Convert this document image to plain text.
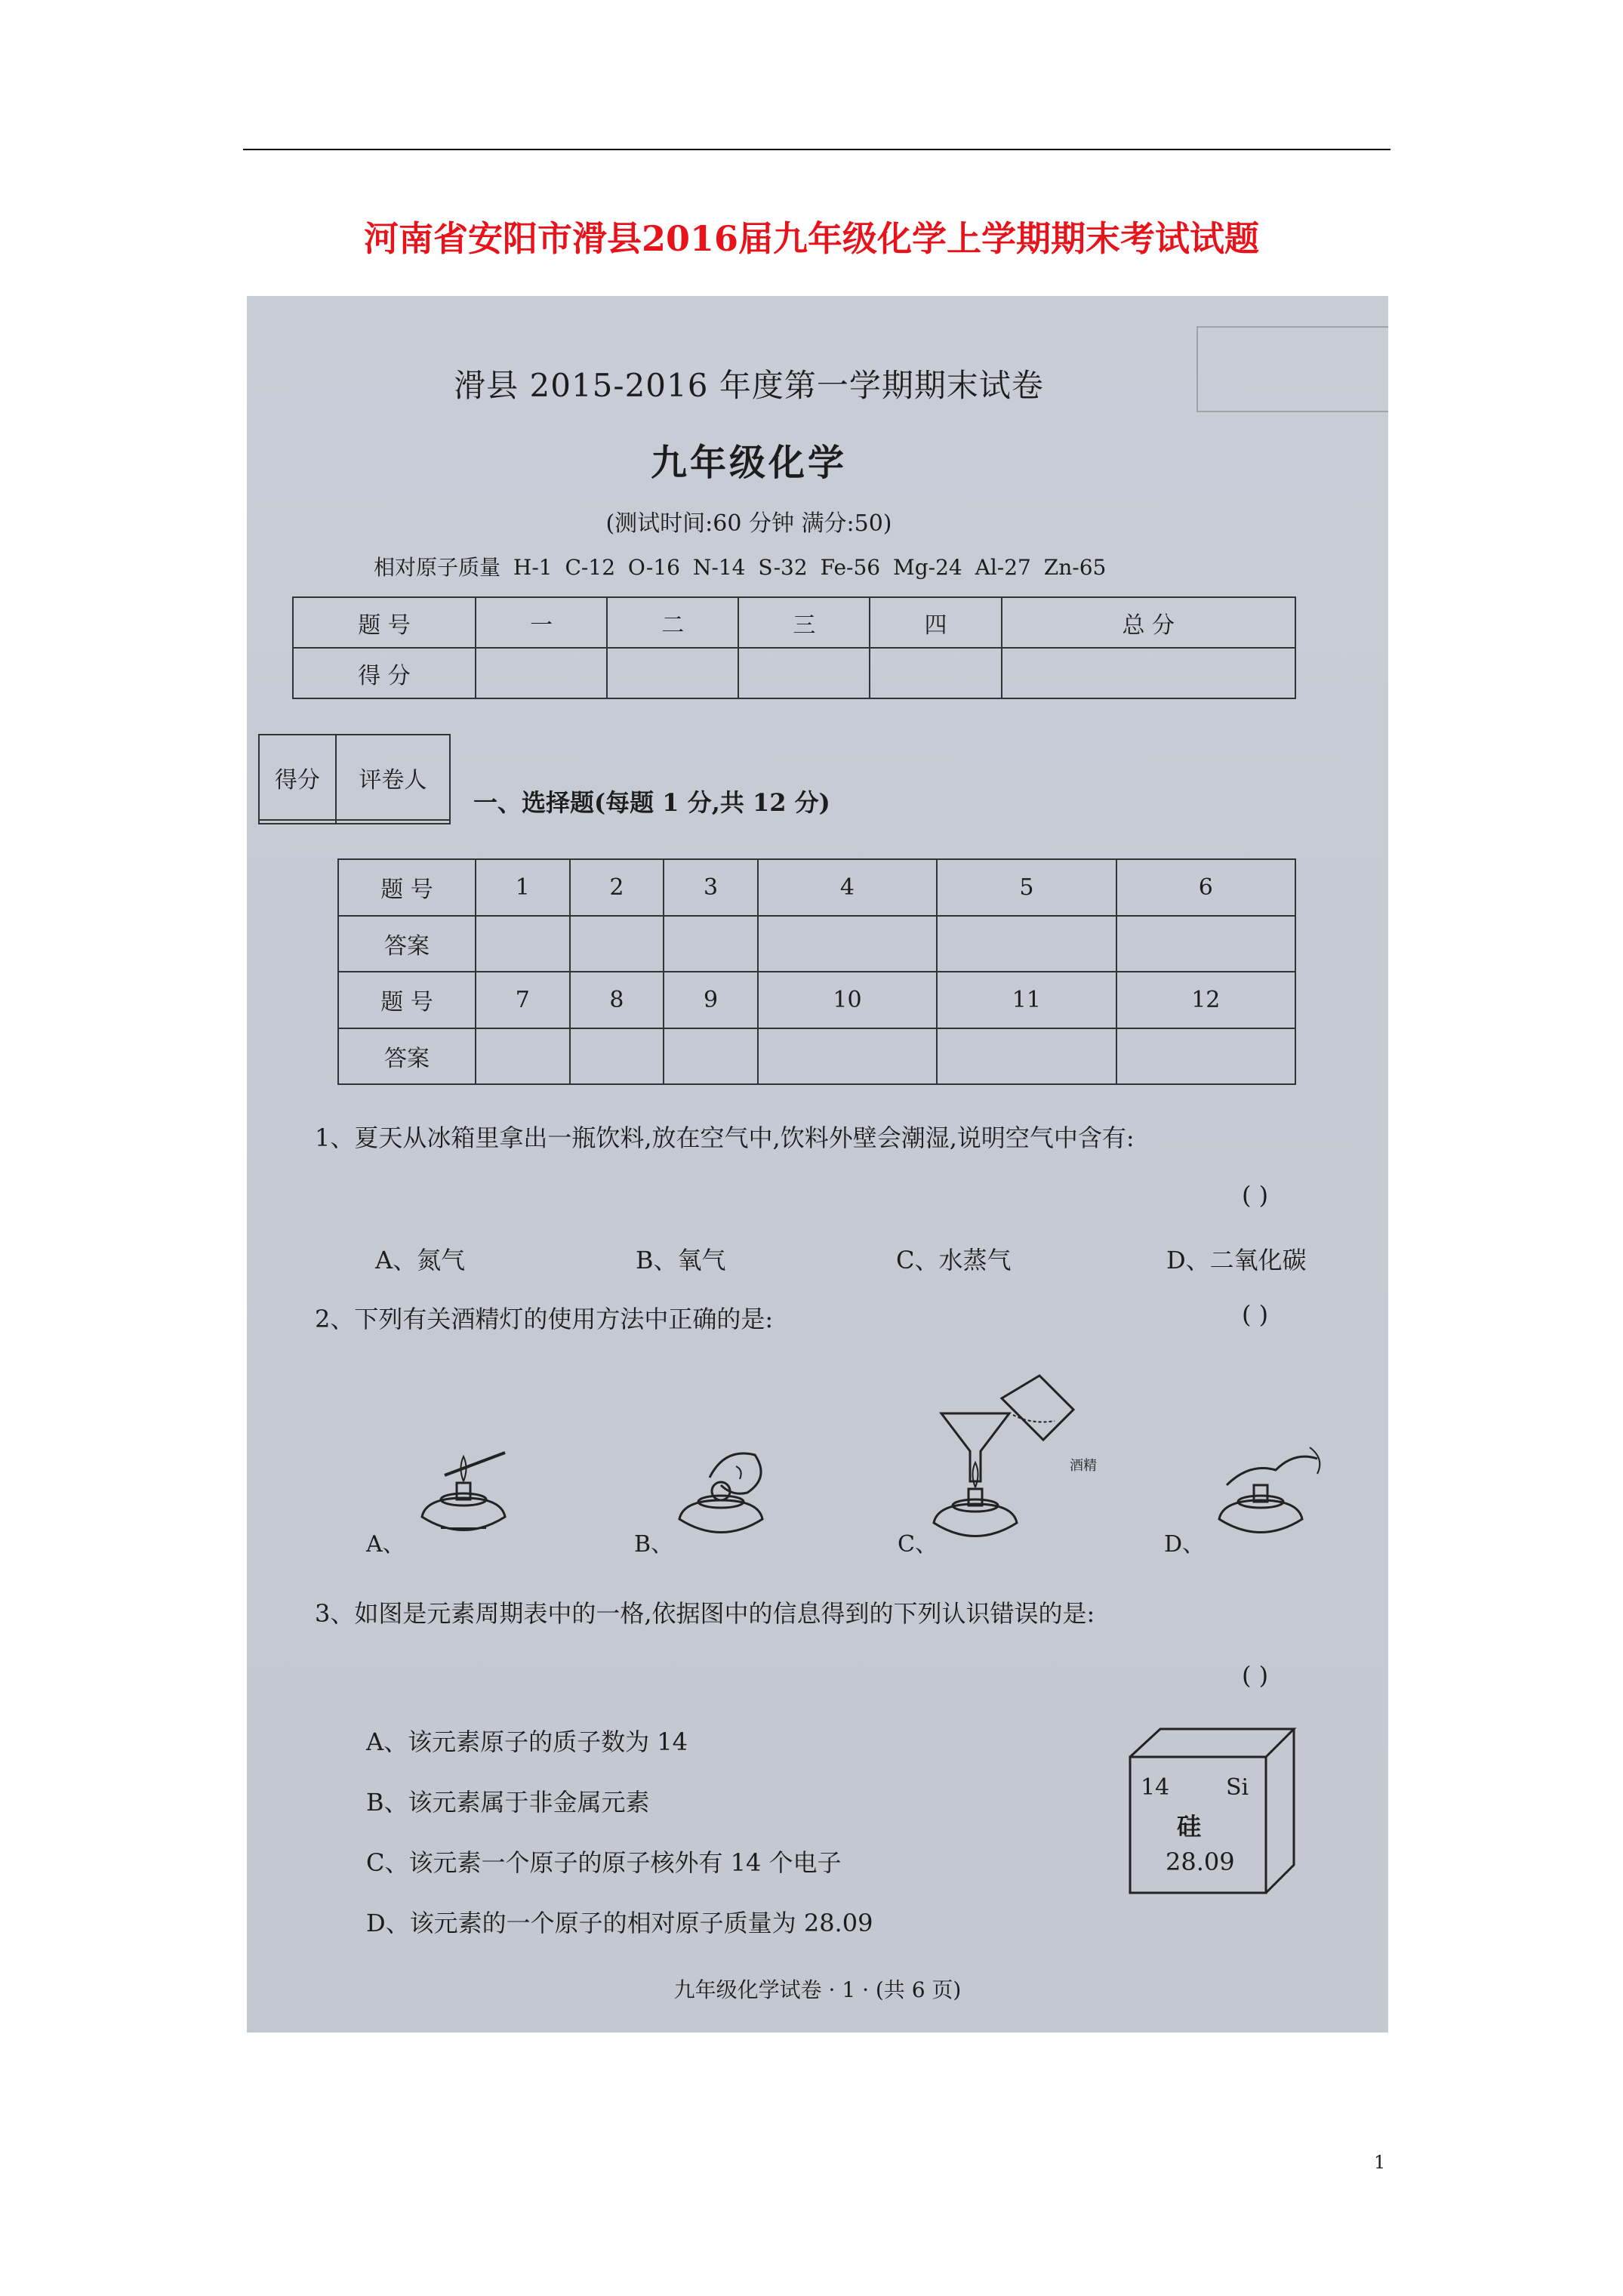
河南省安阳市滑县2016届九年级化学上学期期末考试试题
滑县 2015-2016 年度第一学期期末试卷
九年级化学
(测试时间:60 分钟 满分:50)
相对原子质量 H-1 C-12 O-16 N-14 S-32 Fe-56 Mg-24 Al-27 Zn-65
题 号	一	二	三	四	总 分
得 分					
得分	评卷人

一、选择题(每题 1 分,共 12 分)
题 号	1	2	3	4	5	6
答案						
题 号	7	8	9	10	11	12
答案						
1、夏天从冰箱里拿出一瓶饮料,放在空气中,饮料外壁会潮湿,说明空气中含有:
( )
A、氮气	B、氧气	C、水蒸气	D、二氧化碳
2、下列有关酒精灯的使用方法中正确的是:	( )
A、	B、	C、	D、
酒精
3、如图是元素周期表中的一格,依据图中的信息得到的下列认识错误的是:
( )
A、该元素原子的质子数为 14
B、该元素属于非金属元素
C、该元素一个原子的原子核外有 14 个电子
D、该元素的一个原子的相对原子质量为 28.09
14 Si
硅
28.09
九年级化学试卷 · 1 · (共 6 页)
1
